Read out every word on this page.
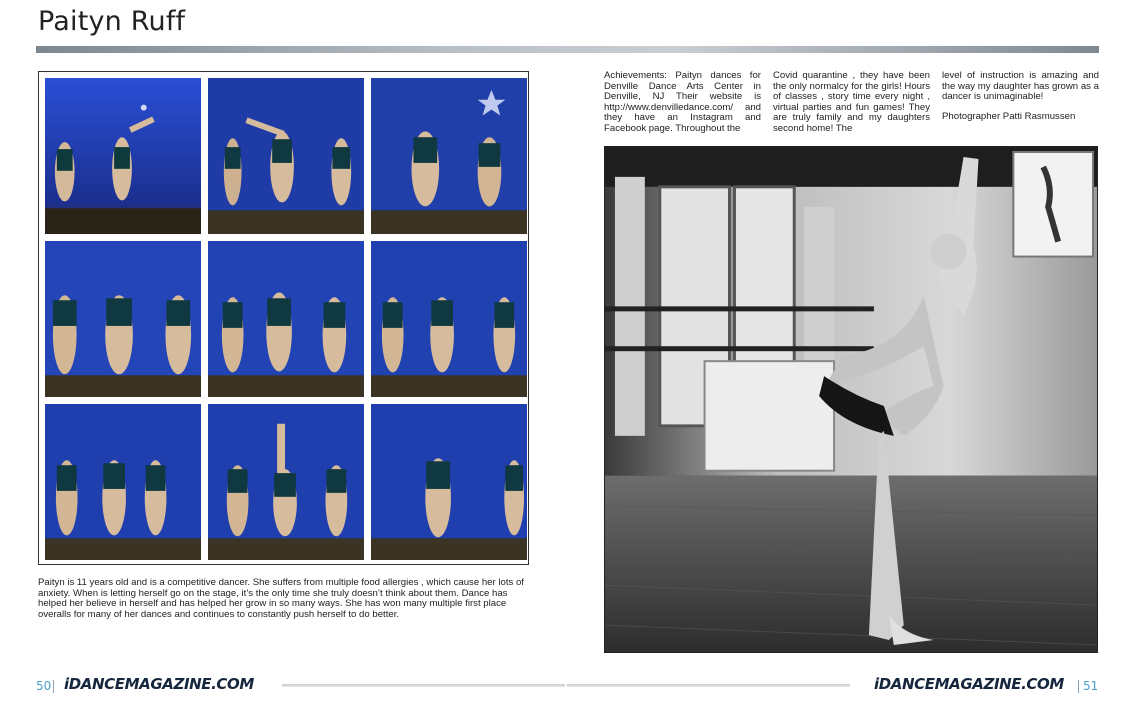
Paityn Ruff
Paityn is 11 years old and is a competitive dancer. She suffers from multiple food allergies , which cause her lots of anxiety. When is letting herself go on the stage, it’s the only time she truly doesn’t think about them. Dance has helped her believe in herself and has helped her grow in so many ways. She has won many multiple first place overalls for many of her dances and continues to constantly push herself to do better.

Achievements: Paityn dances for Denville Dance Arts Center in Denville, NJ Their website is http://www.denvilledance.com/ and they have an Instagram and Facebook page. Throughout the

Covid quarantine , they have been the only normalcy for the girls! Hours of classes , story time every night , virtual parties and fun games! They are truly family and my daughters second home! The

level of instruction is amazing and the way my daughter has grown as a dancer is unimaginable!

Photographer Patti Rasmussen

50 iDANCEMAGAZINE.COM	iDANCEMAGAZINE.COM 51
